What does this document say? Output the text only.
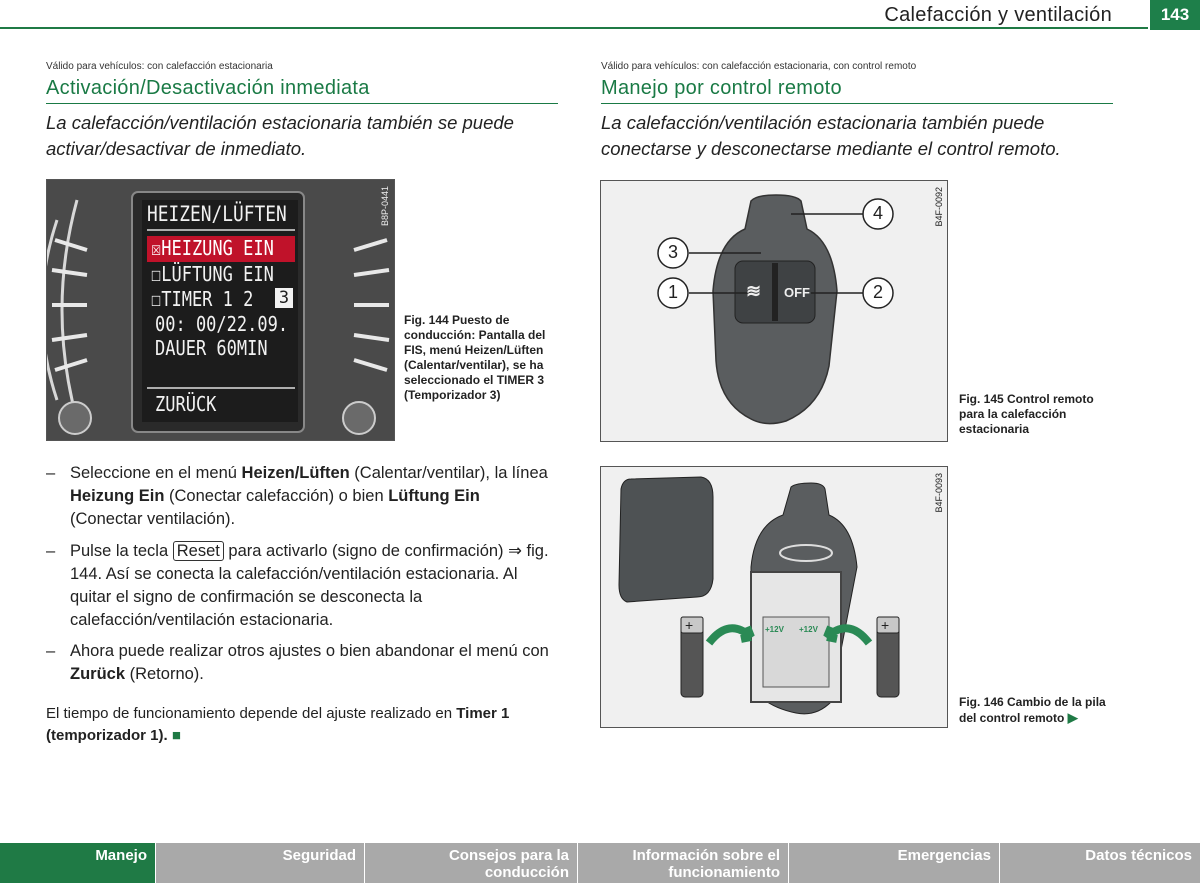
Calefacción y ventilación	143
Válido para vehículos: con calefacción estacionaria
Activación/Desactivación inmediata
La calefacción/ventilación estacionaria también se puede activar/desactivar de inmediato.
HEIZEN/LÜFTEN
☒HEIZUNG EIN
☐LÜFTUNG EIN
☐TIMER 1 2 3
00: 00/22.09.
DAUER 60MIN
ZURÜCK
B8P-0441
Fig. 144 Puesto de conducción: Pantalla del FIS, menú Heizen/Lüften (Calentar/ventilar), se ha seleccionado el TIMER 3 (Temporizador 3)
– Seleccione en el menú Heizen/Lüften (Calentar/ventilar), la línea Heizung Ein (Conectar calefacción) o bien Lüftung Ein (Conectar ventilación).
– Pulse la tecla Reset para activarlo (signo de confirmación) ⇒ fig. 144. Así se conecta la calefacción/ventilación estacionaria. Al quitar el signo de confirmación se desconecta la calefacción/ventilación estacionaria.
– Ahora puede realizar otros ajustes o bien abandonar el menú con Zurück (Retorno).
El tiempo de funcionamiento depende del ajuste realizado en Timer 1 (temporizador 1). ■
Válido para vehículos: con calefacción estacionaria, con control remoto
Manejo por control remoto
La calefacción/ventilación estacionaria también puede conectarse y desconectarse mediante el control remoto.
≋ OFF
1	2
3
4	B4F-0092
Fig. 145 Control remoto para la calefacción estacionaria
+	+
+12V +12V
B4F-0093
Fig. 146 Cambio de la pila del control remoto ▶
Manejo	Seguridad	Consejos para la conducción
Información sobre el funcionamiento
Emergencias	Datos técnicos
